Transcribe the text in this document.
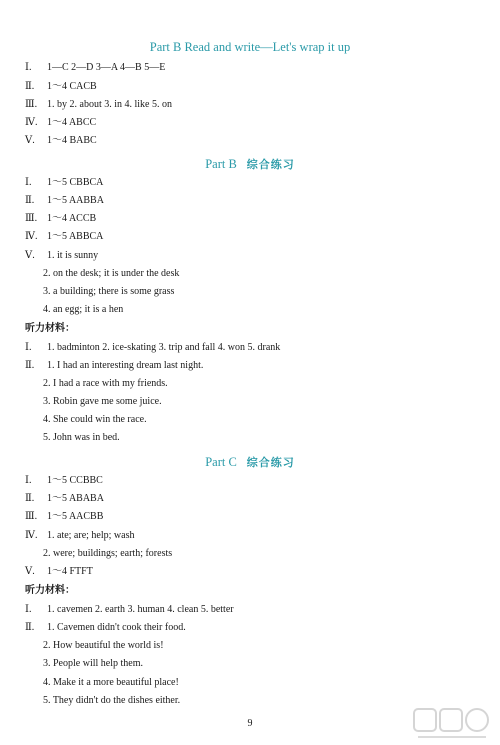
Part B Read and write—Let's wrap it up
Ⅰ. 1—C 2—D 3—A 4—B 5—E
Ⅱ. 1～4 CACB
Ⅲ. 1. by 2. about 3. in 4. like 5. on
Ⅳ. 1～4 ABCC
Ⅴ. 1～4 BABC
Part B 综合练习
Ⅰ. 1～5 CBBCA
Ⅱ. 1～5 AABBA
Ⅲ. 1～4 ACCB
Ⅳ. 1～5 ABBCA
Ⅴ. 1. it is sunny
2. on the desk; it is under the desk
3. a building; there is some grass
4. an egg; it is a hen
听力材料：
Ⅰ. 1. badminton 2. ice-skating 3. trip and fall 4. won 5. drank
Ⅱ. 1. I had an interesting dream last night.
2. I had a race with my friends.
3. Robin gave me some juice.
4. She could win the race.
5. John was in bed.
Part C 综合练习
Ⅰ. 1～5 CCBBC
Ⅱ. 1～5 ABABA
Ⅲ. 1～5 AACBB
Ⅳ. 1. ate; are; help; wash
2. were; buildings; earth; forests
Ⅴ. 1～4 FTFT
听力材料：
Ⅰ. 1. cavemen 2. earth 3. human 4. clean 5. better
Ⅱ. 1. Cavemen didn't cook their food.
2. How beautiful the world is!
3. People will help them.
4. Make it a more beautiful place!
5. They didn't do the dishes either.
9
